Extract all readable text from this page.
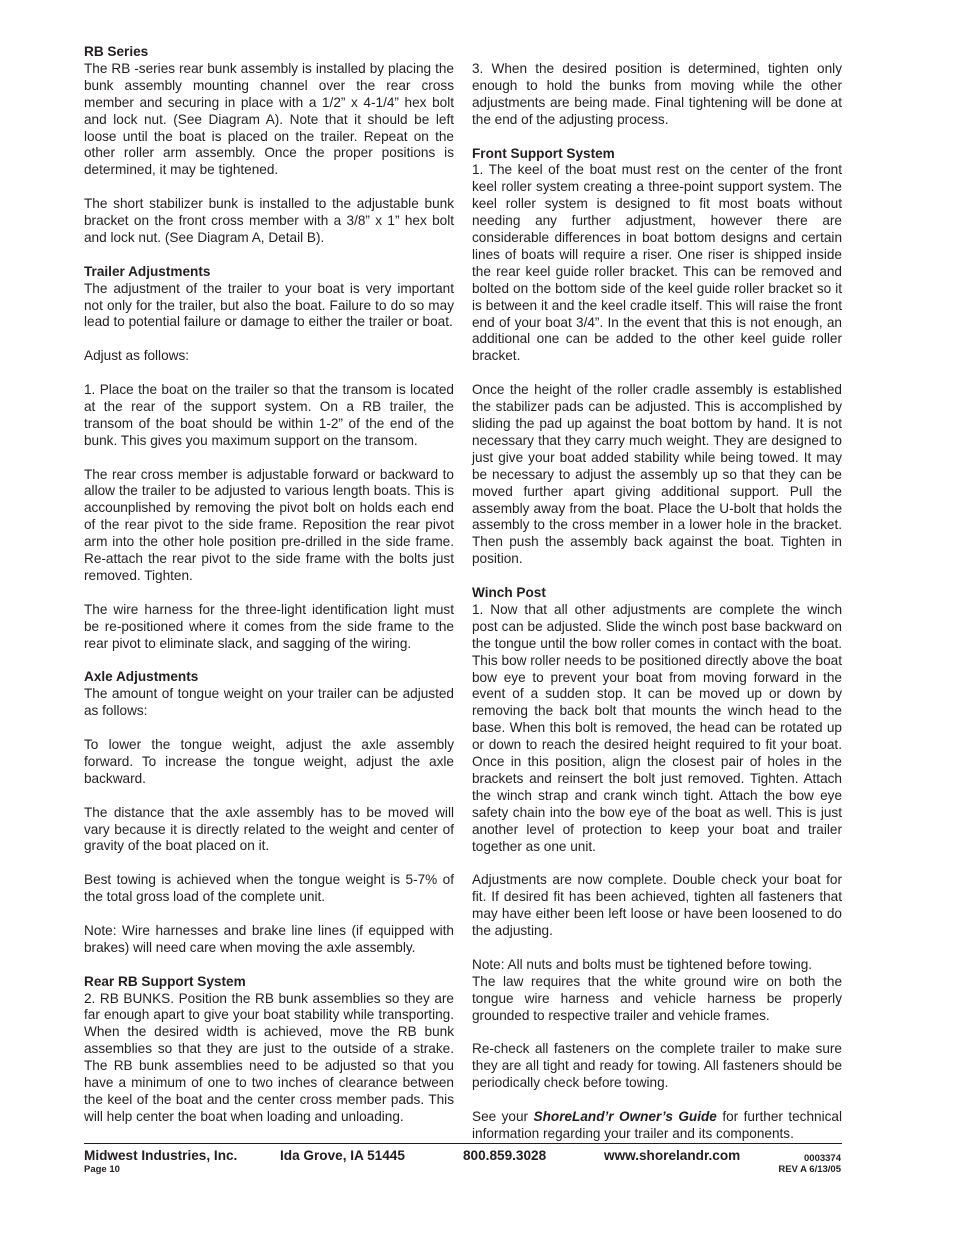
RB Series

The RB -series rear bunk assembly is installed by placing the bunk assembly mounting channel over the rear cross member and securing in place with a 1/2” x 4-1/4” hex bolt and lock nut. (See Diagram A). Note that it should be left loose until the boat is placed on the trailer. Repeat on the other roller arm assembly. Once the proper positions is determined, it may be tightened.

The short stabilizer bunk is installed to the adjustable bunk bracket on the front cross member with a 3/8” x 1” hex bolt and lock nut. (See Diagram A, Detail B).

Trailer Adjustments

The adjustment of the trailer to your boat is very important not only for the trailer, but also the boat. Failure to do so may lead to potential failure or damage to either the trailer or boat.

Adjust as follows:

1. Place the boat on the trailer so that the transom is located at the rear of the support system. On a RB trailer, the transom of the boat should be within 1-2” of the end of the bunk. This gives you maximum support on the transom.

The rear cross member is adjustable forward or backward to allow the trailer to be adjusted to various length boats. This is accounplished by removing the pivot bolt on holds each end of the rear pivot to the side frame. Reposition the rear pivot arm into the other hole position pre-drilled in the side frame. Re-attach the rear pivot to the side frame with the bolts just removed. Tighten.

The wire harness for the three-light identification light must be re-positioned where it comes from the side frame to the rear pivot to eliminate slack, and sagging of the wiring.

Axle Adjustments

The amount of tongue weight on your trailer can be adjusted as follows:

To lower the tongue weight, adjust the axle assembly forward. To increase the tongue weight, adjust the axle backward.

The distance that the axle assembly has to be moved will vary because it is directly related to the weight and center of gravity of the boat placed on it.

Best towing is achieved when the tongue weight is 5-7% of the total gross load of the complete unit.

Note: Wire harnesses and brake line lines (if equipped with brakes) will need care when moving the axle assembly.

Rear RB Support System

2. RB BUNKS. Position the RB bunk assemblies so they are far enough apart to give your boat stability while transporting. When the desired width is achieved, move the RB bunk assemblies so that they are just to the outside of a strake. The RB bunk assemblies need to be adjusted so that you have a minimum of one to two inches of clearance between the keel of the boat and the center cross member pads. This will help center the boat when loading and unloading.

3. When the desired position is determined, tighten only enough to hold the bunks from moving while the other adjustments are being made. Final tightening will be done at the end of the adjusting process.

Front Support System

1. The keel of the boat must rest on the center of the front keel roller system creating a three-point support system. The keel roller system is designed to fit most boats without needing any further adjustment, however there are considerable differences in boat bottom designs and certain lines of boats will require a riser. One riser is shipped inside the rear keel guide roller bracket. This can be removed and bolted on the bottom side of the keel guide roller bracket so it is between it and the keel cradle itself. This will raise the front end of your boat 3/4”. In the event that this is not enough, an additional one can be added to the other keel guide roller bracket.

Once the height of the roller cradle assembly is established the stabilizer pads can be adjusted. This is accomplished by sliding the pad up against the boat bottom by hand. It is not necessary that they carry much weight. They are designed to just give your boat added stability while being towed. It may be necessary to adjust the assembly up so that they can be moved further apart giving additional support. Pull the assembly away from the boat. Place the U-bolt that holds the assembly to the cross member in a lower hole in the bracket. Then push the assembly back against the boat. Tighten in position.

Winch Post

1. Now that all other adjustments are complete the winch post can be adjusted. Slide the winch post base backward on the tongue until the bow roller comes in contact with the boat. This bow roller needs to be positioned directly above the boat bow eye to prevent your boat from moving forward in the event of a sudden stop. It can be moved up or down by removing the back bolt that mounts the winch head to the base. When this bolt is removed, the head can be rotated up or down to reach the desired height required to fit your boat. Once in this position, align the closest pair of holes in the brackets and reinsert the bolt just removed. Tighten. Attach the winch strap and crank winch tight. Attach the bow eye safety chain into the bow eye of the boat as well. This is just another level of protection to keep your boat and trailer together as one unit.

Adjustments are now complete. Double check your boat for fit. If desired fit has been achieved, tighten all fasteners that may have either been left loose or have been loosened to do the adjusting.

Note: All nuts and bolts must be tightened before towing.

The law requires that the white ground wire on both the tongue wire harness and vehicle harness be properly grounded to respective trailer and vehicle frames.

Re-check all fasteners on the complete trailer to make sure they are all tight and ready for towing. All fasteners should be periodically check before towing.

See your ShoreLand’r Owner’s Guide for further technical information regarding your trailer and its components.

Midwest Industries, Inc.	Ida Grove, IA 51445	800.859.3028	www.shorelandr.com	0003374
Page 10	REV A 6/13/05
